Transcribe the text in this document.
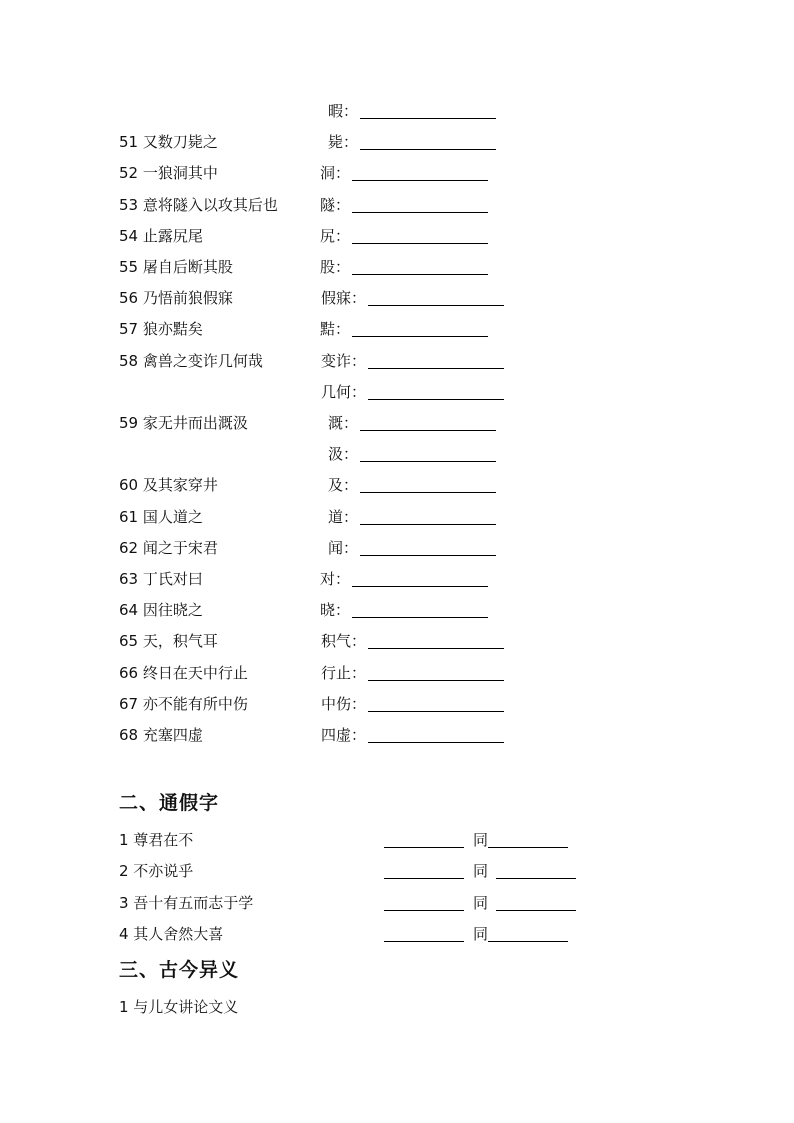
暇：
51 又数刀毙之	毙：
52 一狼洞其中	洞：
53 意将隧入以攻其后也	隧：
54 止露尻尾	尻：
55 屠自后断其股	股：
56 乃悟前狼假寐	假寐：
57 狼亦黠矣	黠：
58 禽兽之变诈几何哉	变诈：
几何：
59 家无井而出溉汲	溉：
汲：
60 及其家穿井	及：
61 国人道之	道：
62 闻之于宋君	闻：
63 丁氏对曰	对：
64 因往晓之	晓：
65 天，积气耳	积气：
66 终日在天中行止	行止：
67 亦不能有所中伤	中伤：
68 充塞四虚	四虚：
二、通假字
1 尊君在不	同
2 不亦说乎	同
3 吾十有五而志于学	同
4 其人舍然大喜	同
三、古今异义
1 与儿女讲论文义
